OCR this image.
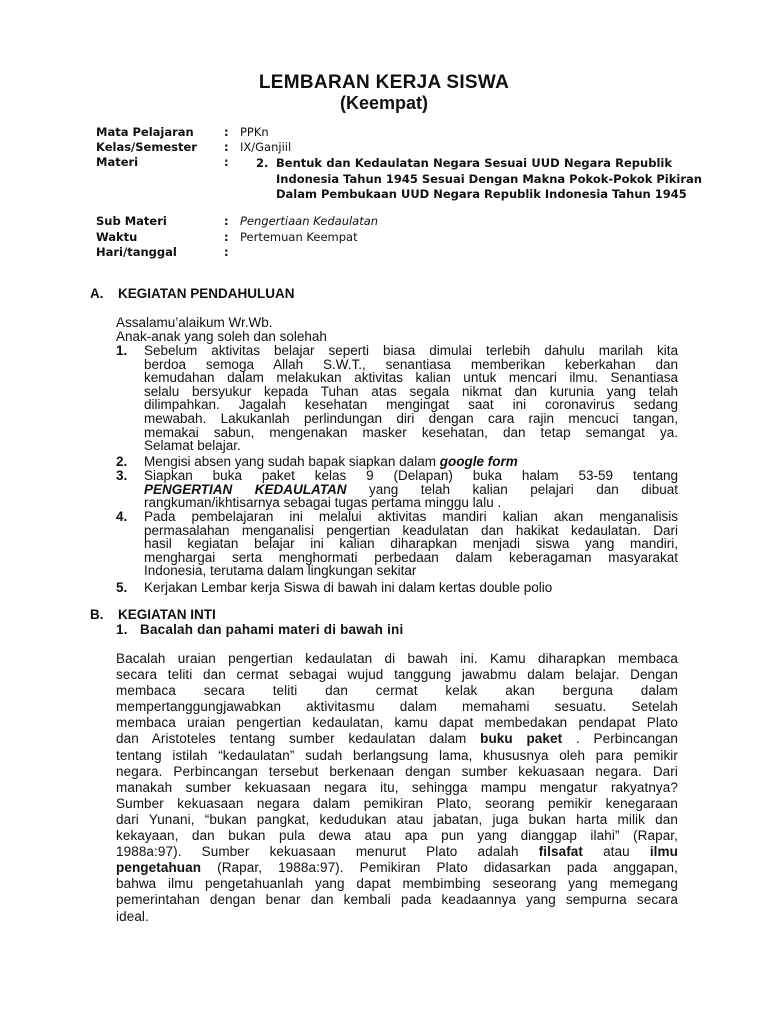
LEMBARAN KERJA SISWA
(Keempat)
Mata Pelajaran	: PPKn
Kelas/Semester : IX/Ganjiil
Materi	: 2. Bentuk dan Kedaulatan Negara Sesuai UUD Negara Republik

Indonesia Tahun 1945 Sesuai Dengan Makna Pokok-Pokok Pikiran

Dalam Pembukaan UUD Negara Republik Indonesia Tahun 1945

Sub Materi	: Pengertiaan Kedaulatan
Waktu	: Pertemuan Keempat
Hari/tanggal	:
A. KEGIATAN PENDAHULUAN
Assalamu’alaikum Wr.Wb.
Anak-anak yang soleh dan solehah
1. Sebelum aktivitas belajar seperti biasa dimulai terlebih dahulu marilah kita
berdoa semoga Allah S.W.T., senantiasa memberikan keberkahan dan
kemudahan dalam melakukan aktivitas kalian untuk mencari ilmu. Senantiasa
selalu bersyukur kepada Tuhan atas segala nikmat dan kurunia yang telah
dilimpahkan. Jagalah kesehatan mengingat saat ini coronavirus sedang
mewabah. Lakukanlah perlindungan diri dengan cara rajin mencuci tangan,
memakai sabun, mengenakan masker kesehatan, dan tetap semangat ya.
Selamat belajar.
2. Mengisi absen yang sudah bapak siapkan dalam google form
3. Siapkan buka paket kelas 9 (Delapan) buka halam 53-59 tentang
PENGERTIAN KEDAULATAN yang telah kalian pelajari dan dibuat
rangkuman/ikhtisarnya sebagai tugas pertama minggu lalu .
4. Pada pembelajaran ini melalui aktivitas mandiri kalian akan menganalisis
permasalahan menganalisi pengertian keadulatan dan hakikat kedaulatan. Dari
hasil kegiatan belajar ini kalian diharapkan menjadi siswa yang mandiri,
menghargai serta menghormati perbedaan dalam keberagaman masyarakat
Indonesia, terutama dalam lingkungan sekitar
5. Kerjakan Lembar kerja Siswa di bawah ini dalam kertas double polio
B. KEGIATAN INTI
1. Bacalah dan pahami materi di bawah ini
Bacalah uraian pengertian kedaulatan di bawah ini. Kamu diharapkan membaca
secara teliti dan cermat sebagai wujud tanggung jawabmu dalam belajar. Dengan
membaca secara teliti dan cermat kelak akan berguna dalam
mempertanggungjawabkan aktivitasmu dalam memahami sesuatu. Setelah
membaca uraian pengertian kedaulatan, kamu dapat membedakan pendapat Plato
dan Aristoteles tentang sumber kedaulatan dalam buku paket . Perbincangan
tentang istilah “kedaulatan” sudah berlangsung lama, khususnya oleh para pemikir
negara. Perbincangan tersebut berkenaan dengan sumber kekuasaan negara. Dari
manakah sumber kekuasaan negara itu, sehingga mampu mengatur rakyatnya?
Sumber kekuasaan negara dalam pemikiran Plato, seorang pemikir kenegaraan
dari Yunani, “bukan pangkat, kedudukan atau jabatan, juga bukan harta milik dan
kekayaan, dan bukan pula dewa atau apa pun yang dianggap ilahi” (Rapar,
1988a:97). Sumber kekuasaan menurut Plato adalah filsafat atau ilmu
pengetahuan (Rapar, 1988a:97). Pemikiran Plato didasarkan pada anggapan,
bahwa ilmu pengetahuanlah yang dapat membimbing seseorang yang memegang
pemerintahan dengan benar dan kembali pada keadaannya yang sempurna secara
ideal.
